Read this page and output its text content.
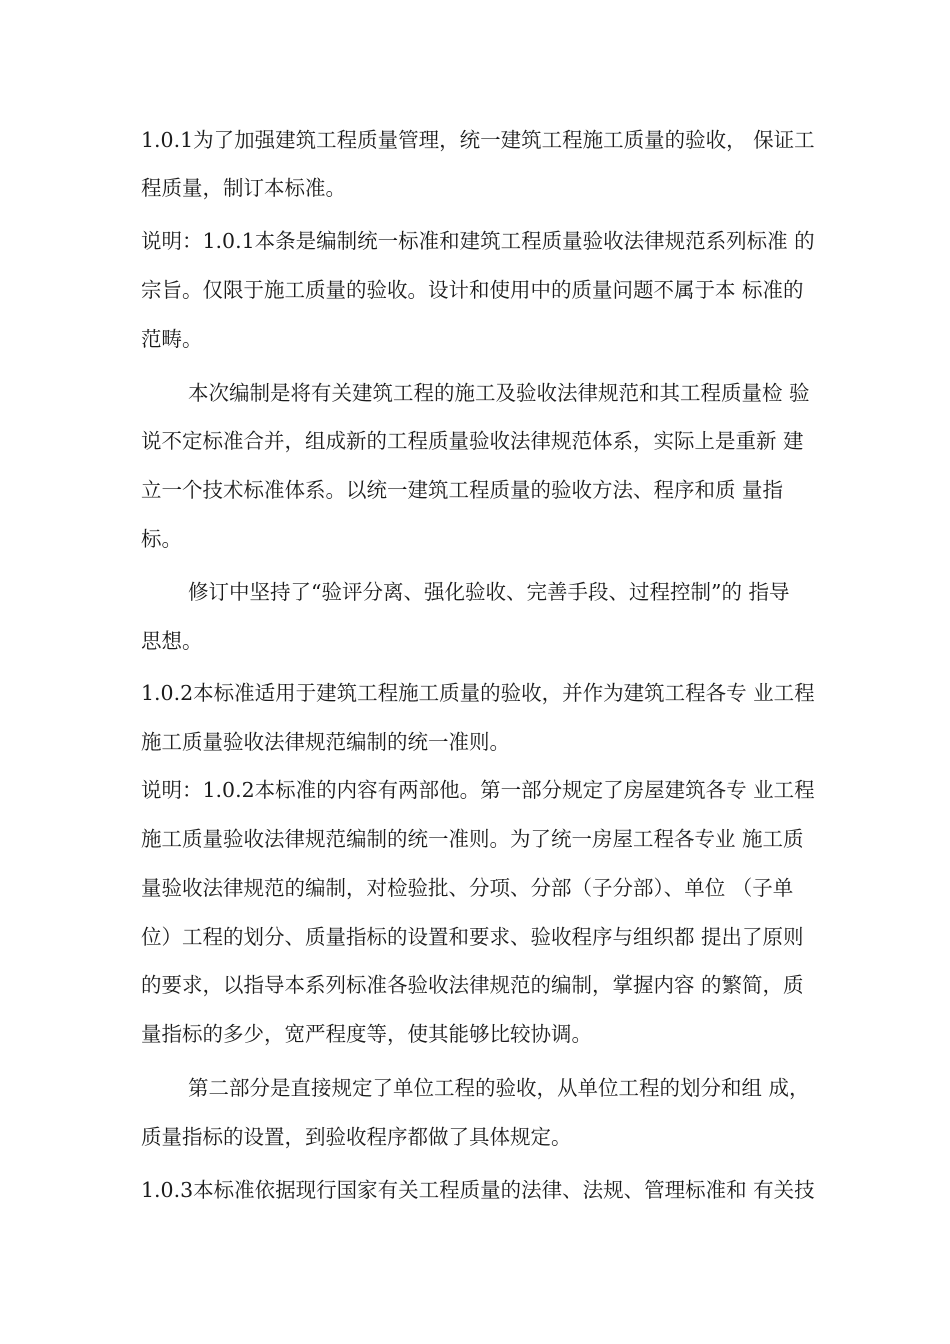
1.0.1为了加强建筑工程质量管理，统一建筑工程施工质量的验收， 保证工
程质量，制订本标准。
说明：1.0.1本条是编制统一标准和建筑工程质量验收法律规范系列标准 的
宗旨。仅限于施工质量的验收。设计和使用中的质量问题不属于本 标准的
范畴。
本次编制是将有关建筑工程的施工及验收法律规范和其工程质量检 验
说不定标准合并，组成新的工程质量验收法律规范体系，实际上是重新 建
立一个技术标准体系。以统一建筑工程质量的验收方法、程序和质 量指
标。
修订中坚持了“验评分离、强化验收、完善手段、过程控制”的 指导
思想。
1.0.2本标准适用于建筑工程施工质量的验收，并作为建筑工程各专 业工程
施工质量验收法律规范编制的统一准则。
说明：1.0.2本标准的内容有两部他。第一部分规定了房屋建筑各专 业工程
施工质量验收法律规范编制的统一准则。为了统一房屋工程各专业 施工质
量验收法律规范的编制，对检验批、分项、分部（子分部）、单位 （子单
位）工程的划分、质量指标的设置和要求、验收程序与组织都 提出了原则
的要求，以指导本系列标准各验收法律规范的编制，掌握内容 的繁简，质
量指标的多少，宽严程度等，使其能够比较协调。
第二部分是直接规定了单位工程的验收，从单位工程的划分和组 成，
质量指标的设置，到验收程序都做了具体规定。
1.0.3本标准依据现行国家有关工程质量的法律、法规、管理标准和 有关技
